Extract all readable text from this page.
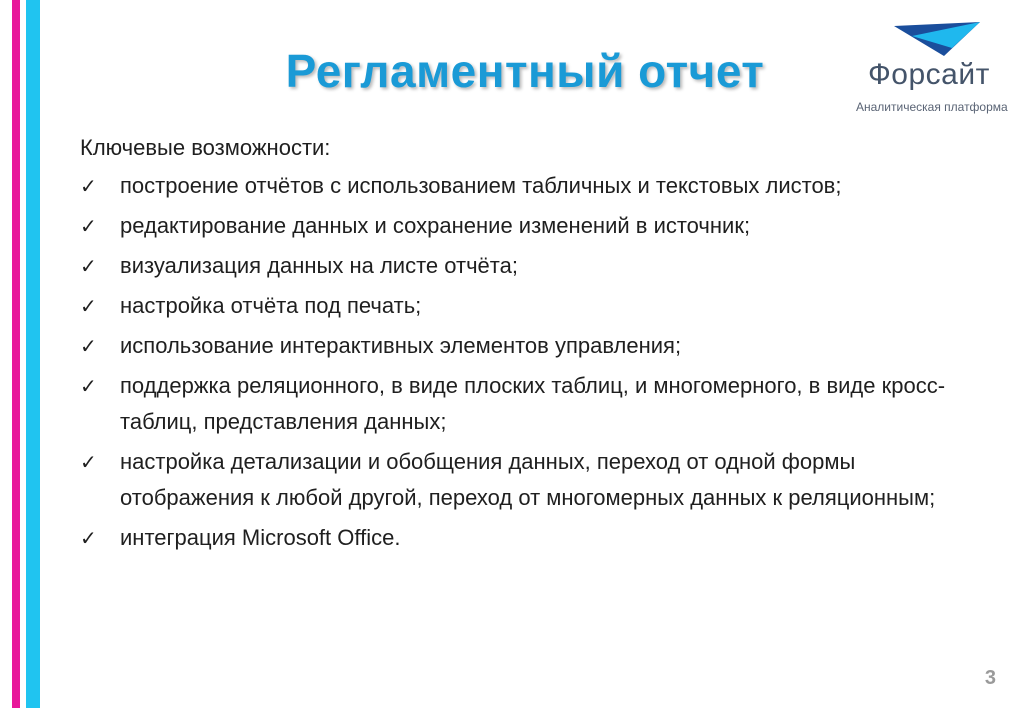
Регламентный отчет	Форсайт
Аналитическая платформа
Ключевые возможности:
✓ построение отчётов с использованием табличных и текстовых листов;
✓ редактирование данных и сохранение изменений в источник;
✓ визуализация данных на листе отчёта;
✓ настройка отчёта под печать;
✓ использование интерактивных элементов управления;
✓ поддержка реляционного, в виде плоских таблиц, и многомерного, в виде кросс-таблиц, представления данных;
✓ настройка детализации и обобщения данных, переход от одной формы отображения к любой другой, переход от многомерных данных к реляционным;
✓ интеграция Microsoft Office.
3
